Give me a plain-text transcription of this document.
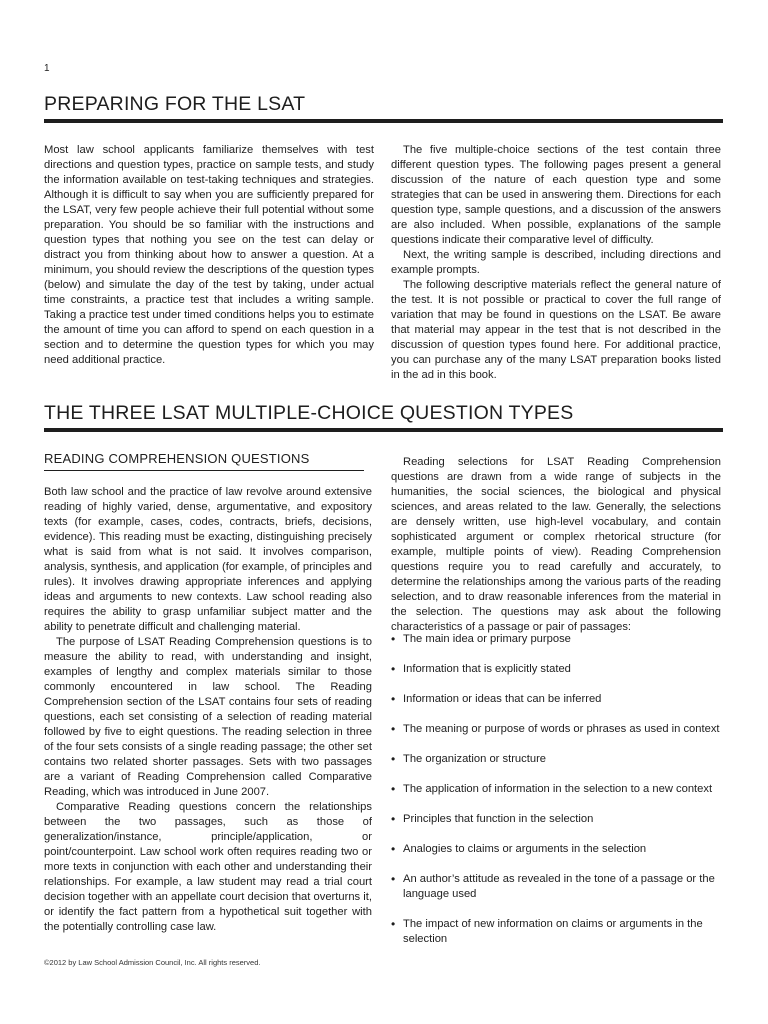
1
PREPARING FOR THE LSAT

Most law school applicants familiarize themselves with test directions and question types, practice on sample tests, and study the information available on test-taking techniques and strategies. Although it is difficult to say when you are sufficiently prepared for the LSAT, very few people achieve their full potential without some preparation. You should be so familiar with the instructions and question types that nothing you see on the test can delay or distract you from thinking about how to answer a question. At a minimum, you should review the descriptions of the question types (below) and simulate the day of the test by taking, under actual time constraints, a practice test that includes a writing sample. Taking a practice test under timed conditions helps you to estimate the amount of time you can afford to spend on each question in a section and to determine the question types for which you may need additional practice.

The five multiple-choice sections of the test contain three different question types. The following pages present a general discussion of the nature of each question type and some strategies that can be used in answering them. Directions for each question type, sample questions, and a discussion of the answers are also included. When possible, explanations of the sample questions indicate their comparative level of difficulty.

Next, the writing sample is described, including directions and example prompts.

The following descriptive materials reflect the general nature of the test. It is not possible or practical to cover the full range of variation that may be found in questions on the LSAT. Be aware that material may appear in the test that is not described in the discussion of question types found here. For additional practice, you can purchase any of the many LSAT preparation books listed in the ad in this book.

THE THREE LSAT MULTIPLE-CHOICE QUESTION TYPES
READING COMPREHENSION QUESTIONS

Both law school and the practice of law revolve around extensive reading of highly varied, dense, argumentative, and expository texts (for example, cases, codes, contracts, briefs, decisions, evidence). This reading must be exacting, distinguishing precisely what is said from what is not said. It involves comparison, analysis, synthesis, and application (for example, of principles and rules). It involves drawing appropriate inferences and applying ideas and arguments to new contexts. Law school reading also requires the ability to grasp unfamiliar subject matter and the ability to penetrate difficult and challenging material.

The purpose of LSAT Reading Comprehension questions is to measure the ability to read, with understanding and insight, examples of lengthy and complex materials similar to those commonly encountered in law school. The Reading Comprehension section of the LSAT contains four sets of reading questions, each set consisting of a selection of reading material followed by five to eight questions. The reading selection in three of the four sets consists of a single reading passage; the other set contains two related shorter passages. Sets with two passages are a variant of Reading Comprehension called Comparative Reading, which was introduced in June 2007.

Comparative Reading questions concern the relationships between the two passages, such as those of generalization/instance, principle/application, or point/counterpoint. Law school work often requires reading two or more texts in conjunction with each other and understanding their relationships. For example, a law student may read a trial court decision together with an appellate court decision that overturns it, or identify the fact pattern from a hypothetical suit together with the potentially controlling case law.

Reading selections for LSAT Reading Comprehension questions are drawn from a wide range of subjects in the humanities, the social sciences, the biological and physical sciences, and areas related to the law. Generally, the selections are densely written, use high-level vocabulary, and contain sophisticated argument or complex rhetorical structure (for example, multiple points of view). Reading Comprehension questions require you to read carefully and accurately, to determine the relationships among the various parts of the reading selection, and to draw reasonable inferences from the material in the selection. The questions may ask about the following characteristics of a passage or pair of passages:

• The main idea or primary purpose
• Information that is explicitly stated
• Information or ideas that can be inferred
• The meaning or purpose of words or phrases as used in context
• The organization or structure
• The application of information in the selection to a new context
• Principles that function in the selection
• Analogies to claims or arguments in the selection
• An author’s attitude as revealed in the tone of a passage or the language used
• The impact of new information on claims or arguments in the selection
©2012 by Law School Admission Council, Inc. All rights reserved.
